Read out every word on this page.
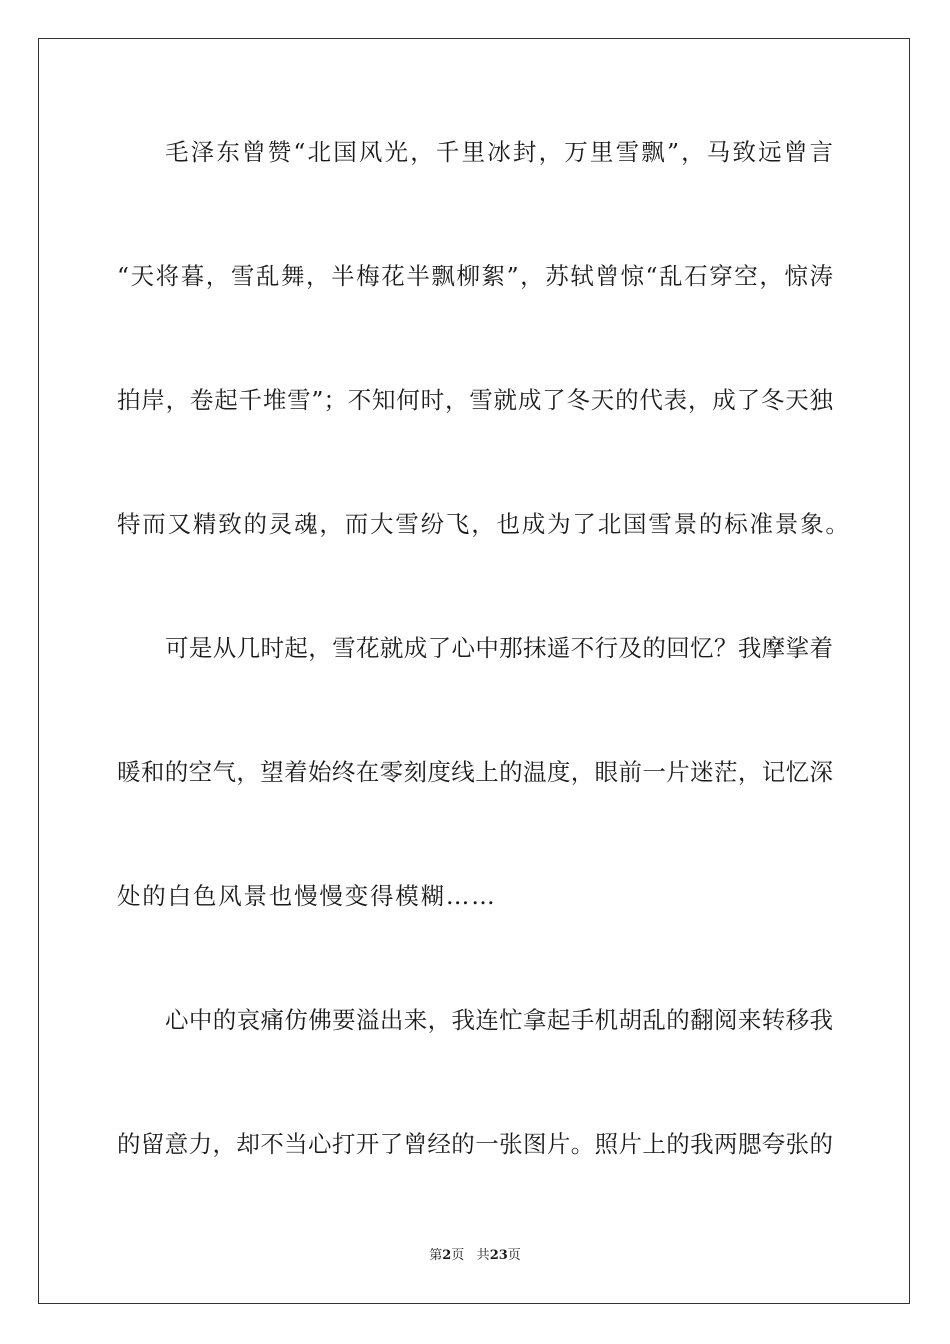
毛泽东曾赞“北国风光，千里冰封，万里雪飘”，马致远曾言
“天将暮，雪乱舞，半梅花半飘柳絮”，苏轼曾惊“乱石穿空，惊涛
拍岸，卷起千堆雪”；不知何时，雪就成了冬天的代表，成了冬天独
特而又精致的灵魂，而大雪纷飞，也成为了北国雪景的标准景象。
可是从几时起，雪花就成了心中那抹遥不行及的回忆？我摩挲着
暖和的空气，望着始终在零刻度线上的温度，眼前一片迷茫，记忆深
处的白色风景也慢慢变得模糊……
心中的哀痛仿佛要溢出来，我连忙拿起手机胡乱的翻阅来转移我
的留意力，却不当心打开了曾经的一张图片。照片上的我两腮夸张的
第2页 共23页
